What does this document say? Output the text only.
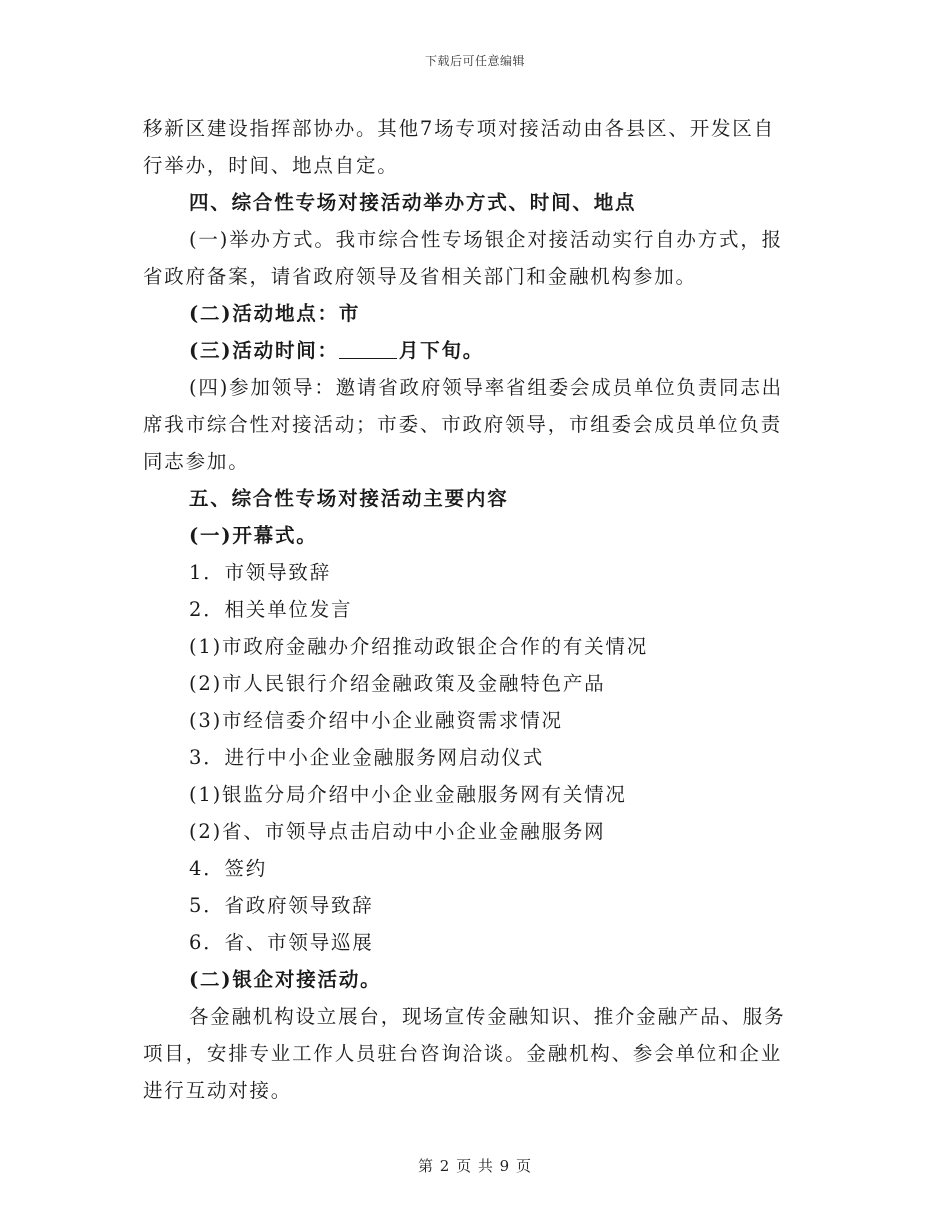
下载后可任意编辑
移新区建设指挥部协办。其他7场专项对接活动由各县区、开发区自
行举办，时间、地点自定。
四、综合性专场对接活动举办方式、时间、地点
(一)举办方式。我市综合性专场银企对接活动实行自办方式，报
省政府备案，请省政府领导及省相关部门和金融机构参加。
(二)活动地点：市
(三)活动时间：	月下旬。
(四)参加领导：邀请省政府领导率省组委会成员单位负责同志出
席我市综合性对接活动；市委、市政府领导，市组委会成员单位负责
同志参加。
五、综合性专场对接活动主要内容
(一)开幕式。
1．市领导致辞
2．相关单位发言
(1)市政府金融办介绍推动政银企合作的有关情况
(2)市人民银行介绍金融政策及金融特色产品
(3)市经信委介绍中小企业融资需求情况
3．进行中小企业金融服务网启动仪式
(1)银监分局介绍中小企业金融服务网有关情况
(2)省、市领导点击启动中小企业金融服务网
4．签约
5．省政府领导致辞
6．省、市领导巡展
(二)银企对接活动。
各金融机构设立展台，现场宣传金融知识、推介金融产品、服务
项目，安排专业工作人员驻台咨询洽谈。金融机构、参会单位和企业
进行互动对接。
第 2 页 共 9 页
